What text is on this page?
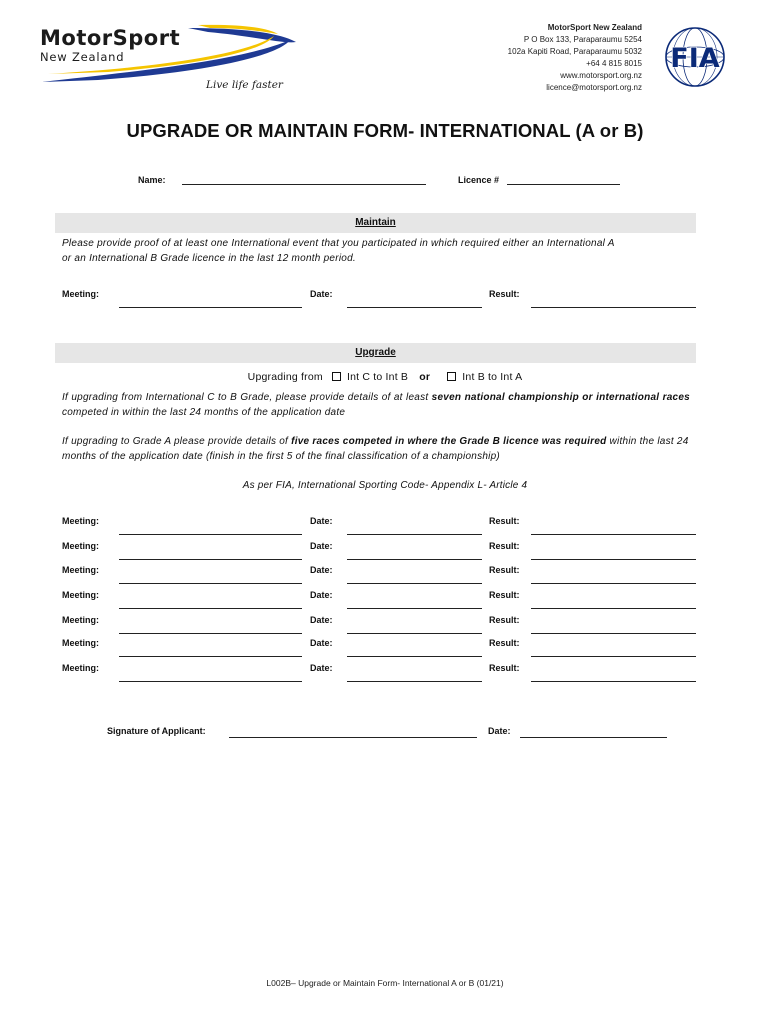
MotorSport
New Zealand
Live life faster
MotorSport New Zealand
P O Box 133, Paraparaumu 5254
102a Kapiti Road, Paraparaumu 5032
+64 4 815 8015
www.motorsport.org.nz
licence@motorsport.org.nz
FIA
UPGRADE OR MAINTAIN FORM- INTERNATIONAL (A or B)
Name:	Licence #
Maintain
Please provide proof of at least one International event that you participated in which required either an International A
or an International B Grade licence in the last 12 month period.
Meeting:	Date:	Result:
Upgrade
Upgrading from Int C to Int B or	Int B to Int A
If upgrading from International C to B Grade, please provide details of at least seven national championship or international races competed in within the last 24 months of the application date
If upgrading to Grade A please provide details of five races competed in where the Grade B licence was required within the last 24 months of the application date (finish in the first 5 of the final classification of a championship)
As per FIA, International Sporting Code- Appendix L- Article 4
Meeting:	Date:	Result:
Meeting:	Date:	Result:
Meeting:	Date:	Result:
Meeting:	Date:	Result:
Meeting:	Date:	Result:
Meeting:	Date:	Result:
Meeting:	Date:	Result:
Signature of Applicant:	Date:
L002B– Upgrade or Maintain Form- International A or B (01/21)
